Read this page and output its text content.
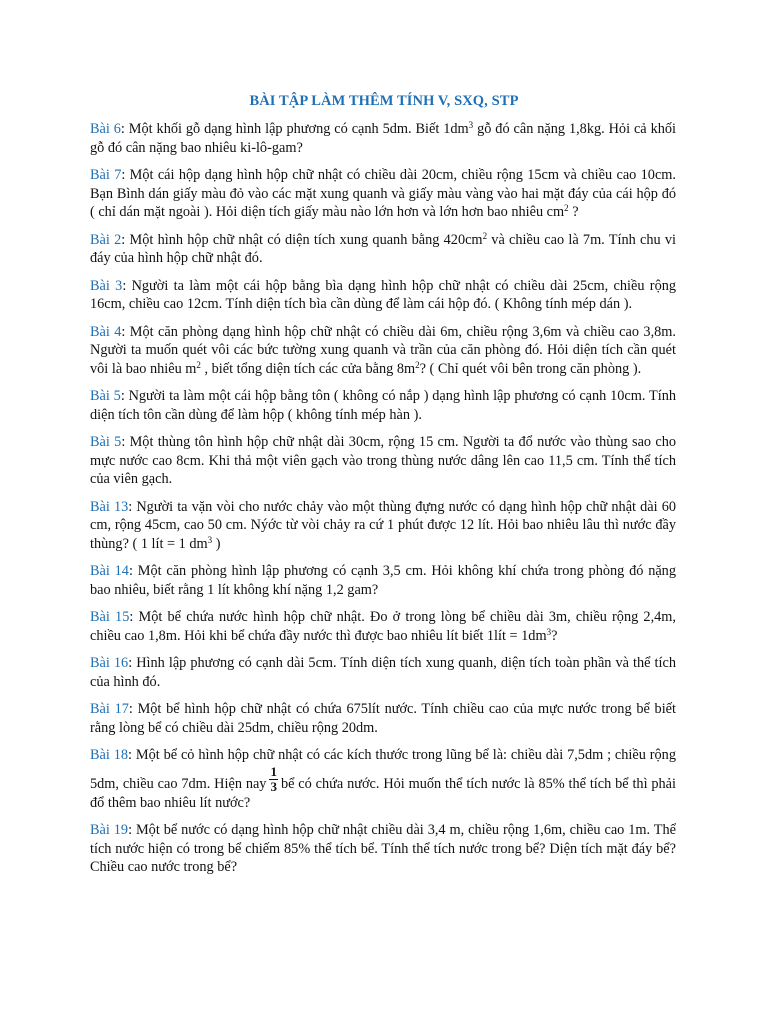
BÀI TẬP LÀM THÊM TÍNH V, SXQ, STP

Bài 6: Một khối gỗ dạng hình lập phương có cạnh 5dm. Biết $1dm^3$ gỗ đó cân nặng 1,8kg. Hỏi cả khối gỗ đó cân nặng bao nhiêu ki-lô-gam?

Bài 7: Một cái hộp dạng hình hộp chữ nhật có chiều dài 20cm, chiều rộng 15cm và chiều cao 10cm. Bạn Bình dán giấy màu đỏ vào các mặt xung quanh và giấy màu vàng vào hai mặt đáy của cái hộp đó ( chỉ dán mặt ngoài ). Hỏi diện tích giấy màu nào lớn hơn và lớn hơn bao nhiêu $cm^2$ ?

Bài 2: Một hình hộp chữ nhật có diện tích xung quanh bằng $420cm^2$ và chiều cao là 7m. Tính chu vi đáy của hình hộp chữ nhật đó.

Bài 3: Người ta làm một cái hộp bằng bìa dạng hình hộp chữ nhật có chiều dài 25cm, chiều rộng 16cm, chiều cao 12cm. Tính diện tích bìa cần dùng để làm cái hộp đó. ( Không tính mép dán ).

Bài 4: Một căn phòng dạng hình hộp chữ nhật có chiều dài 6m, chiều rộng 3,6m và chiều cao 3,8m. Người ta muốn quét vôi các bức tường xung quanh và trần của căn phòng đó. Hỏi diện tích cần quét vôi là bao nhiêu $m^2$ , biết tổng diện tích các cửa bằng $8m^2$? ( Chỉ quét vôi bên trong căn phòng ).

Bài 5: Người ta làm một cái hộp bằng tôn ( không có nắp ) dạng hình lập phương có cạnh 10cm. Tính diện tích tôn cần dùng để làm hộp ( không tính mép hàn ).

Bài 5: Một thùng tôn hình hộp chữ nhật dài 30cm, rộng 15 cm. Người ta đổ nước vào thùng sao cho mực nước cao 8cm. Khi thả một viên gạch vào trong thùng nước dâng lên cao 11,5 cm. Tính thể tích của viên gạch.

Bài 13: Người ta vặn vòi cho nước chảy vào một thùng đựng nước có dạng hình hộp chữ nhật dài 60 cm, rộng 45cm, cao 50 cm. Nýớc từ vòi chảy ra cứ 1 phút được 12 lít. Hỏi bao nhiêu lâu thì nước đầy thùng? ( 1 lít = 1 $dm^3$ )

Bài 14: Một căn phòng hình lập phương có cạnh 3,5 cm. Hỏi không khí chứa trong phòng đó nặng bao nhiêu, biết rằng 1 lít không khí nặng 1,2 gam?

Bài 15: Một bể chứa nước hình hộp chữ nhật. Đo ở trong lòng bể chiều dài 3m, chiều rộng 2,4m, chiều cao 1,8m. Hỏi khi bể chứa đầy nước thì được bao nhiêu lít biết 1lít = $1dm^3$?

Bài 16: Hình lập phương có cạnh dài 5cm. Tính diện tích xung quanh, diện tích toàn phần và thể tích của hình đó.

Bài 17: Một bể hình hộp chữ nhật có chứa 675lít nước. Tính chiều cao của mực nước trong bể biết rằng lòng bể có chiều dài 25dm, chiều rộng 20dm.

Bài 18: Một bể cỏ hình hộp chữ nhật có các kích thước trong lũng bể là: chiều dài 7,5dm ; chiều rộng 5dm, chiều cao 7dm. Hiện nay $\frac{1}{3}$ bể có chứa nước. Hỏi muốn thể tích nước là 85% thể tích bể thì phải đổ thêm bao nhiêu lít nước?

Bài 19: Một bể nước có dạng hình hộp chữ nhật chiều dài 3,4 m, chiều rộng 1,6m, chiều cao 1m. Thể tích nước hiện có trong bể chiếm 85% thể tích bể. Tính thể tích nước trong bể? Diện tích mặt đáy bể? Chiều cao nước trong bể?
